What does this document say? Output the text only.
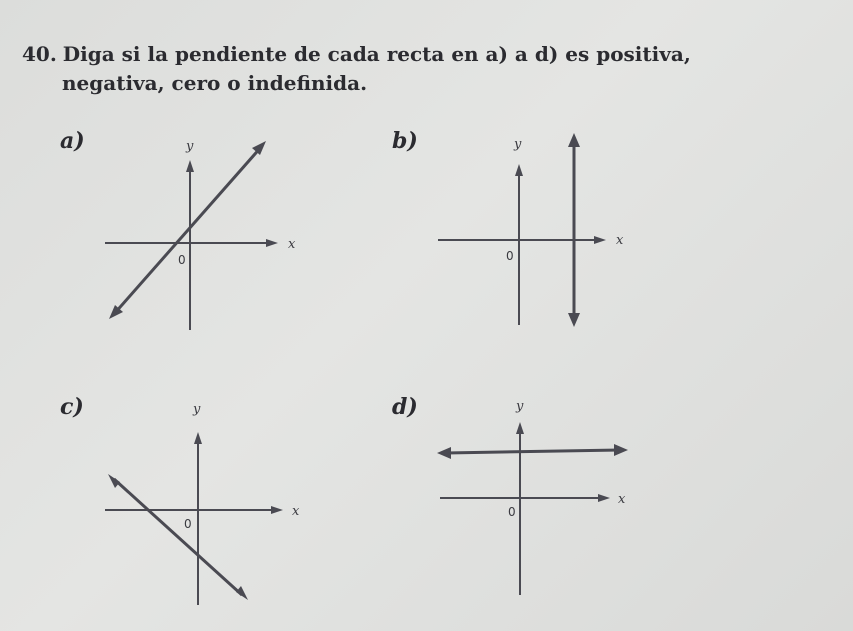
40. Diga si la pendiente de cada recta en a) a d) es positiva,
negativa, cero o indefinida.
a)	y
x
0
b)	y
x
0
c)	y
x
0
d)	y
x
0
